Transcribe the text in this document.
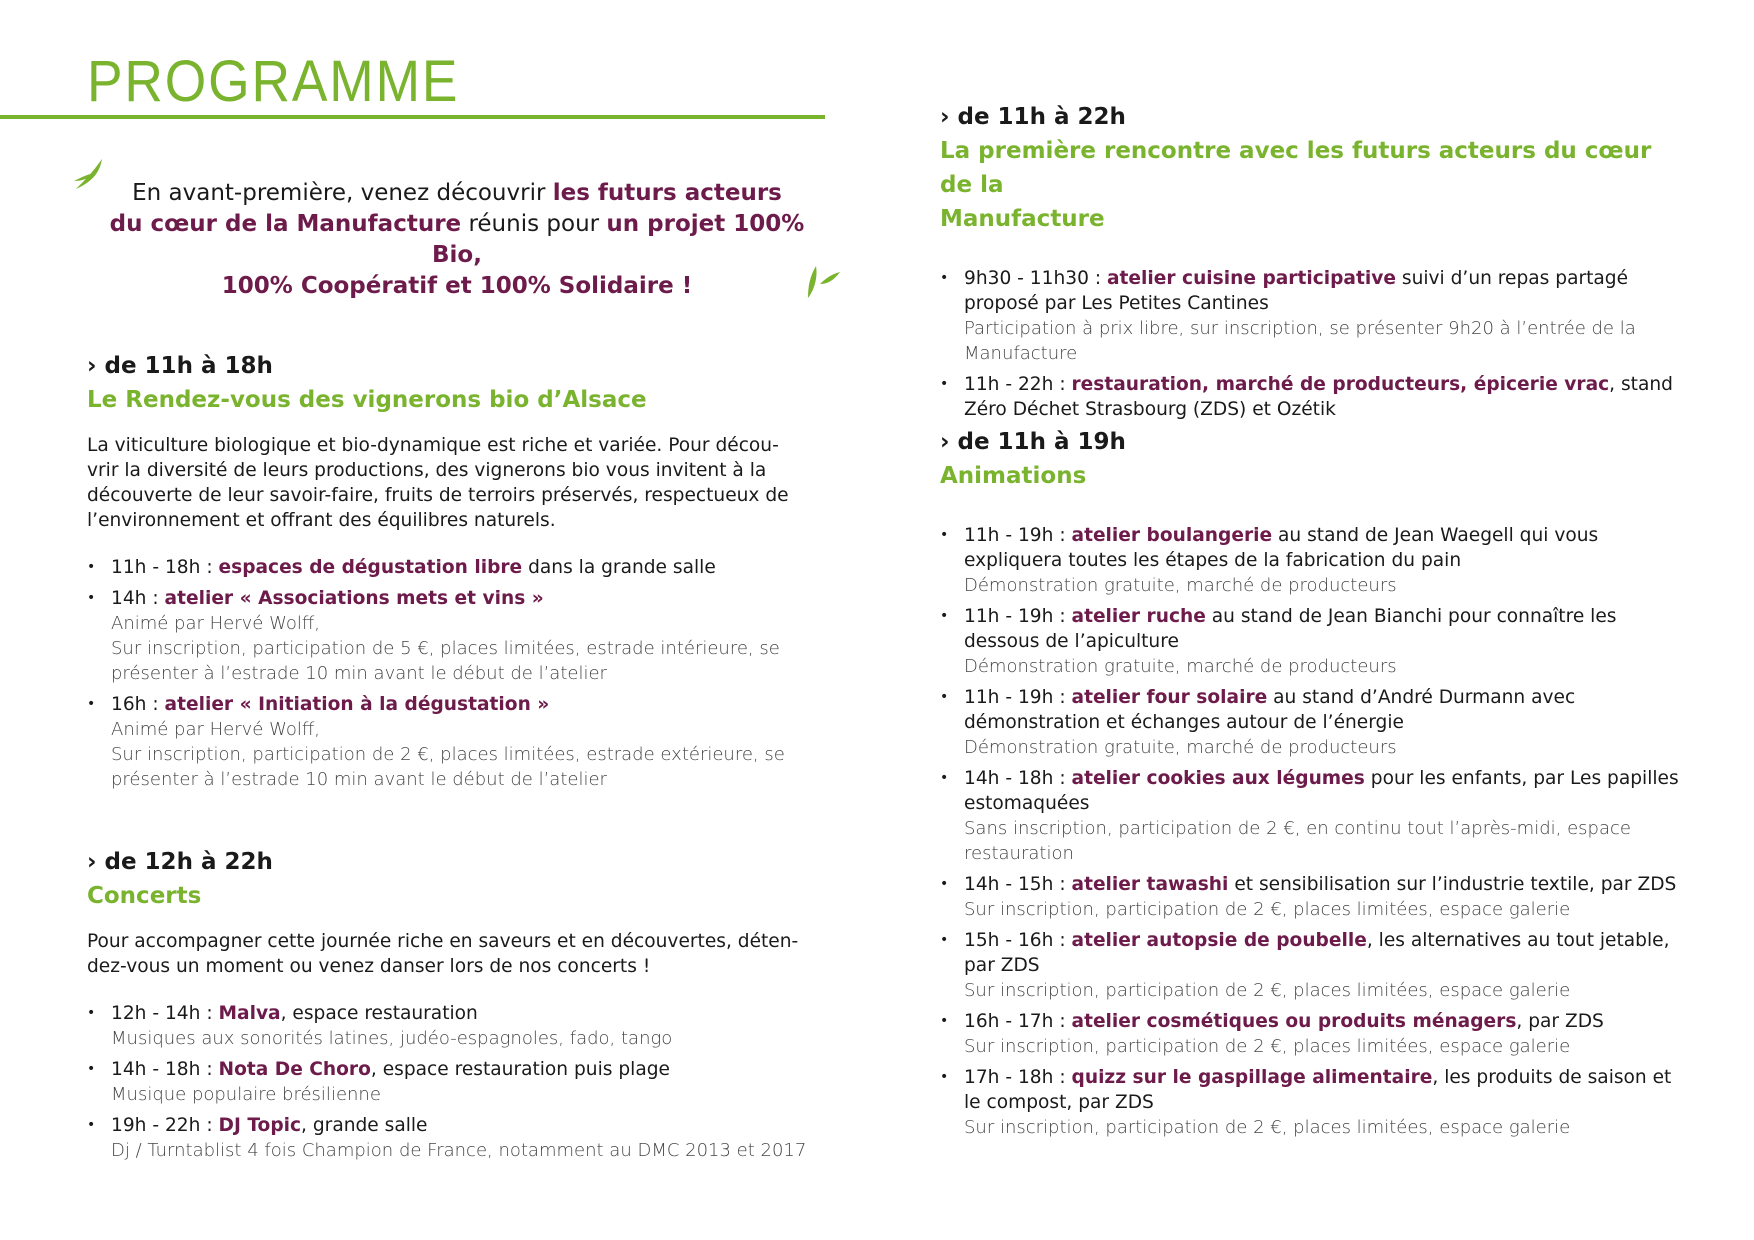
PROGRAMME

En avant-première, venez découvrir les futurs acteurs
du cœur de la Manufacture réunis pour un projet 100% Bio,
100% Coopératif et 100% Solidaire !

› de 11h à 18h

Le Rendez-vous des vignerons bio d’Alsace

La viticulture biologique et bio-dynamique est riche et variée. Pour décou-
vrir la diversité de leurs productions, des vignerons bio vous invitent à la
découverte de leur savoir-faire, fruits de terroirs préservés, respectueux de
l’environnement et offrant des équilibres naturels.

• 11h - 18h : espaces de dégustation libre dans la grande salle
• 14h : atelier « Associations mets et vins »
Animé par Hervé Wolff,
Sur inscription, participation de 5 €, places limitées, estrade intérieure, se
présenter à l’estrade 10 min avant le début de l’atelier
• 16h : atelier « Initiation à la dégustation »
Animé par Hervé Wolff,
Sur inscription, participation de 2 €, places limitées, estrade extérieure, se
présenter à l’estrade 10 min avant le début de l’atelier

› de 12h à 22h

Concerts

Pour accompagner cette journée riche en saveurs et en découvertes, déten-
dez-vous un moment ou venez danser lors de nos concerts !

• 12h - 14h : Malva, espace restauration
Musiques aux sonorités latines, judéo-espagnoles, fado, tango
• 14h - 18h : Nota De Choro, espace restauration puis plage
Musique populaire brésilienne
• 19h - 22h : DJ Topic, grande salle
Dj / Turntablist 4 fois Champion de France, notamment au DMC 2013 et 2017

› de 11h à 22h

La première rencontre avec les futurs acteurs du cœur de la
Manufacture

• 9h30 - 11h30 : atelier cuisine participative suivi d’un repas partagé proposé par Les Petites Cantines
Participation à prix libre, sur inscription, se présenter 9h20 à l’entrée de la
Manufacture
• 11h - 22h : restauration, marché de producteurs, épicerie vrac, stand Zéro Déchet Strasbourg (ZDS) et Ozétik

› de 11h à 19h

Animations

• 11h - 19h : atelier boulangerie au stand de Jean Waegell qui vous expliquera toutes les étapes de la fabrication du pain
Démonstration gratuite, marché de producteurs
• 11h - 19h : atelier ruche au stand de Jean Bianchi pour connaître les dessous de l’apiculture
Démonstration gratuite, marché de producteurs
• 11h - 19h : atelier four solaire au stand d’André Durmann avec démonstration et échanges autour de l’énergie
Démonstration gratuite, marché de producteurs
• 14h - 18h : atelier cookies aux légumes pour les enfants, par Les papilles estomaquées
Sans inscription, participation de 2 €, en continu tout l’après-midi, espace
restauration
• 14h - 15h : atelier tawashi et sensibilisation sur l’industrie textile, par ZDS
Sur inscription, participation de 2 €, places limitées, espace galerie
• 15h - 16h : atelier autopsie de poubelle, les alternatives au tout jetable, par ZDS
Sur inscription, participation de 2 €, places limitées, espace galerie
• 16h - 17h : atelier cosmétiques ou produits ménagers, par ZDS
Sur inscription, participation de 2 €, places limitées, espace galerie
• 17h - 18h : quizz sur le gaspillage alimentaire, les produits de saison et le compost, par ZDS
Sur inscription, participation de 2 €, places limitées, espace galerie
